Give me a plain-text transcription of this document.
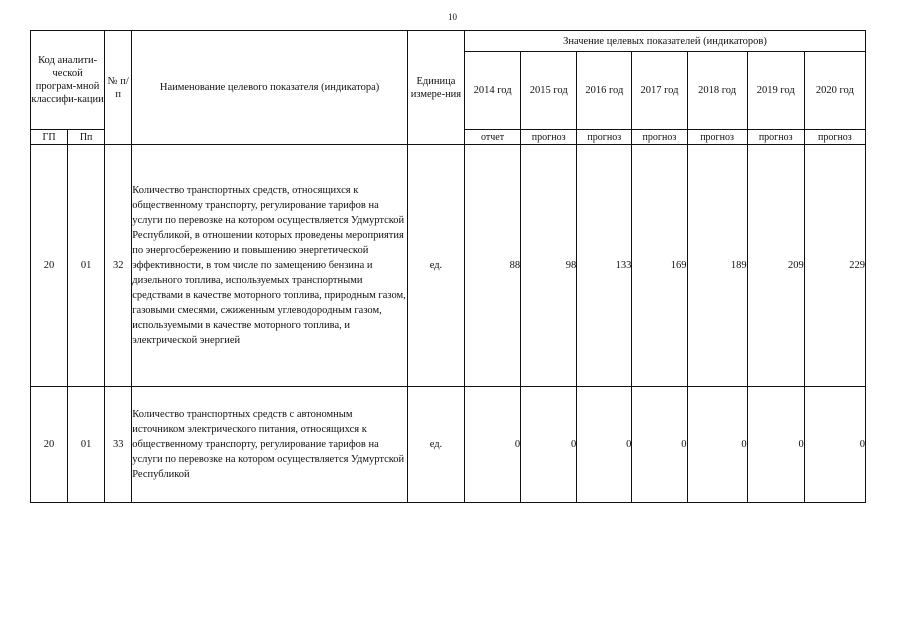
10
Код аналити-ческой програм-мной классифи-кации		№ п/п	Наименование целевого показателя (индикатора)	Единица измере-ния	Значение целевых показателей (индикаторов)						
					2014 год	2015 год	2016 год	2017 год	2018 год	2019 год	2020 год
ГП	Пп				отчет	прогноз	прогноз	прогноз	прогноз	прогноз	прогноз
20	01	32	Количество транспортных средств, относящихся к общественному транспорту, регулирование тарифов на услуги по перевозке на котором осуществляется Удмуртской Республикой, в отношении которых проведены мероприятия по энергосбережению и повышению энергетической эффективности, в том числе по замещению бензина и дизельного топлива, используемых транспортными средствами в качестве моторного топлива, природным газом, газовыми смесями, сжиженным углеводородным газом, используемыми в качестве моторного топлива, и электрической энергией	ед.	88	98	133	169	189	209	229
20	01	33	Количество транспортных средств с автономным источником электрического питания, относящихся к общественному транспорту, регулирование тарифов на услуги по перевозке на котором осуществляется Удмуртской Республикой	ед.	0	0	0	0	0	0	0
